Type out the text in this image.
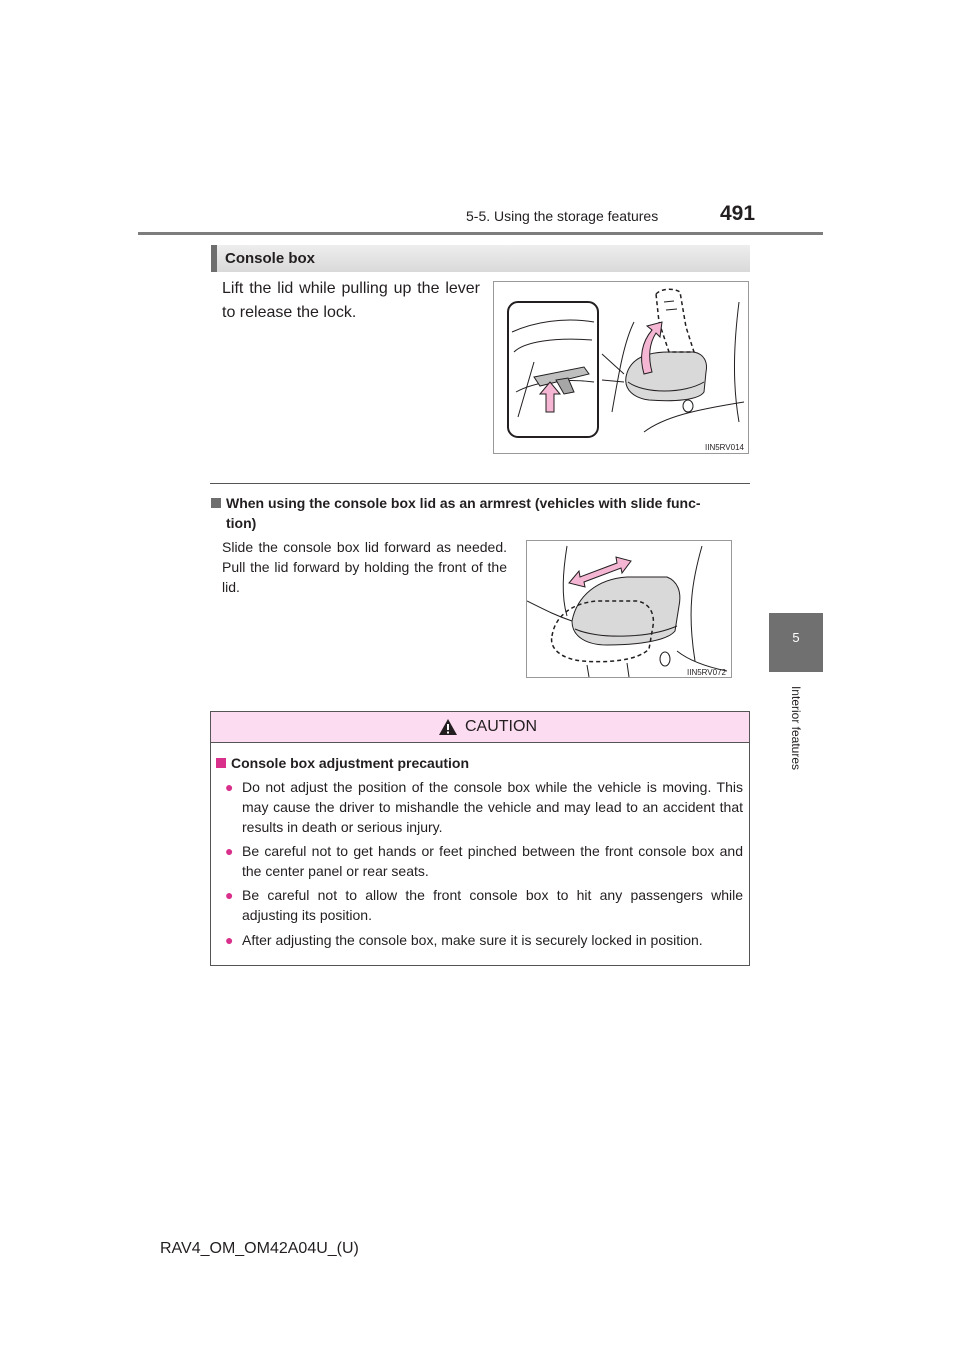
5-5. Using the storage features	491
5
Interior features
Console box
Lift the lid while pulling up the lever to release the lock.
IIN5RV014
When using the console box lid as an armrest (vehicles with slide func-
tion)
Slide the console box lid forward as needed. Pull the lid forward by holding the front of the lid.
IIN5RV072
CAUTION
Console box adjustment precaution
● Do not adjust the position of the console box while the vehicle is moving. This may cause the driver to mishandle the vehicle and may lead to an accident that results in death or serious injury.
● Be careful not to get hands or feet pinched between the front console box and the center panel or rear seats.
● Be careful not to allow the front console box to hit any passengers while adjusting its position.
● After adjusting the console box, make sure it is securely locked in position.
RAV4_OM_OM42A04U_(U)
